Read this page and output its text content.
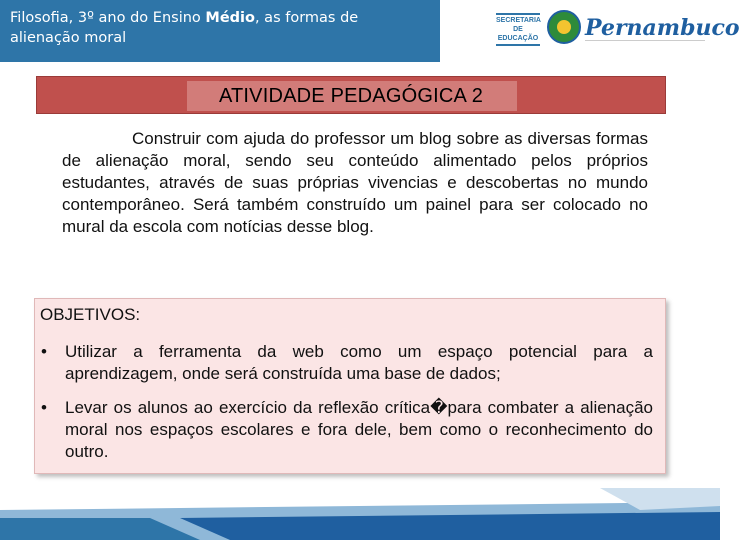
Filosofia, 3º ano do Ensino Médio, as formas de alienação moral
SECRETARIA
DE EDUCAÇÃO
Pernambuco

ATIVIDADE PEDAGÓGICA 2
Construir com ajuda do professor um blog sobre as diversas formas de alienação moral, sendo seu conteúdo alimentado pelos próprios estudantes, através de suas próprias vivencias e descobertas no mundo contemporâneo. Será também construído um painel para ser colocado no mural da escola com notícias desse blog.
OBJETIVOS:
• Utilizar a ferramenta da web como um espaço potencial para a aprendizagem, onde será construída uma base de dados;
• Levar os alunos ao exercício da reflexão crítica�para combater a alienação moral nos espaços escolares e fora dele, bem como o reconhecimento do outro.
